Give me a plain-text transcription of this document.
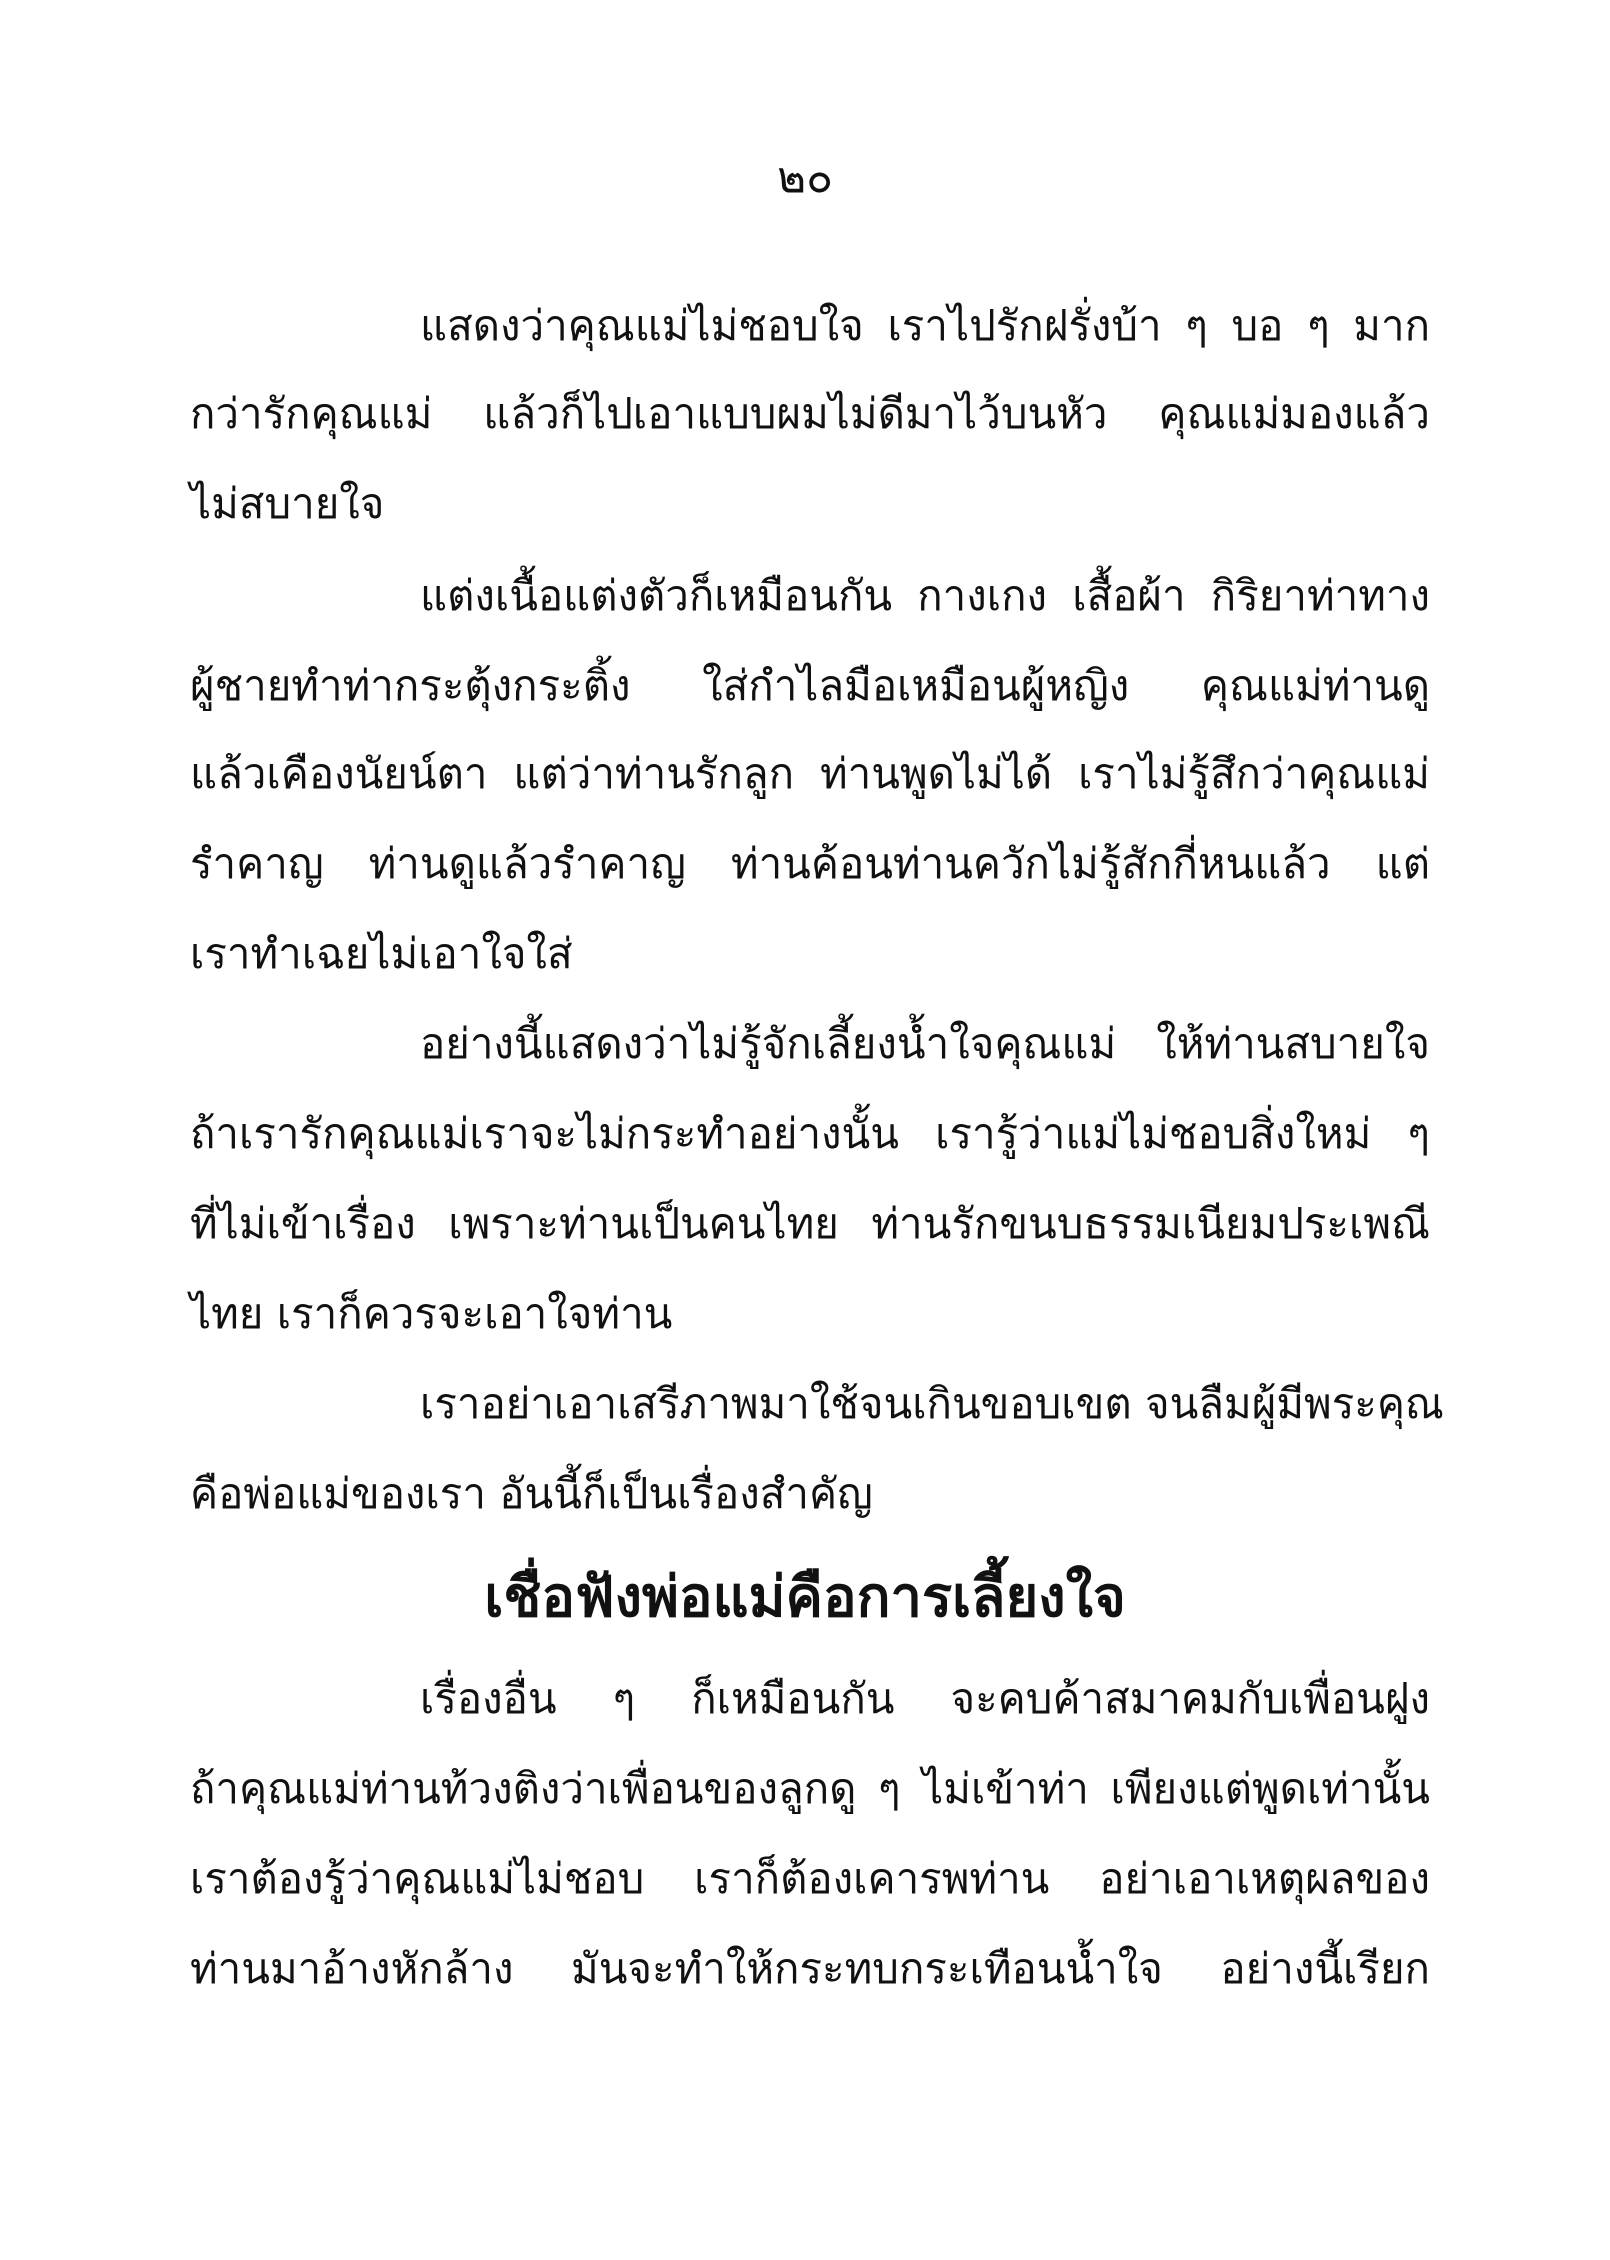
๒๐
แสดงว่าคุณแม่ไม่ชอบใจ เราไปรักฝรั่งบ้า ๆ บอ ๆ มาก
กว่ารักคุณแม่ แล้วก็ไปเอาแบบผมไม่ดีมาไว้บนหัว คุณแม่มองแล้ว
ไม่สบายใจ
แต่งเนื้อแต่งตัวก็เหมือนกัน กางเกง เสื้อผ้า กิริยาท่าทาง
ผู้ชายทำท่ากระตุ้งกระติ้ง ใส่กำไลมือเหมือนผู้หญิง คุณแม่ท่านดู
แล้วเคืองนัยน์ตา แต่ว่าท่านรักลูก ท่านพูดไม่ได้ เราไม่รู้สึกว่าคุณแม่
รำคาญ ท่านดูแล้วรำคาญ ท่านค้อนท่านควักไม่รู้สักกี่หนแล้ว แต่
เราทำเฉยไม่เอาใจใส่
อย่างนี้แสดงว่าไม่รู้จักเลี้ยงน้ำใจคุณแม่ ให้ท่านสบายใจ
ถ้าเรารักคุณแม่เราจะไม่กระทำอย่างนั้น เรารู้ว่าแม่ไม่ชอบสิ่งใหม่ ๆ
ที่ไม่เข้าเรื่อง เพราะท่านเป็นคนไทย ท่านรักขนบธรรมเนียมประเพณี
ไทย เราก็ควรจะเอาใจท่าน
เราอย่าเอาเสรีภาพมาใช้จนเกินขอบเขต จนลืมผู้มีพระคุณ
คือพ่อแม่ของเรา อันนี้ก็เป็นเรื่องสำคัญ
เชื่อฟังพ่อแม่คือการเลี้ยงใจ
เรื่องอื่น ๆ ก็เหมือนกัน จะคบค้าสมาคมกับเพื่อนฝูง
ถ้าคุณแม่ท่านท้วงติงว่าเพื่อนของลูกดู ๆ ไม่เข้าท่า เพียงแต่พูดเท่านั้น
เราต้องรู้ว่าคุณแม่ไม่ชอบ เราก็ต้องเคารพท่าน อย่าเอาเหตุผลของ
ท่านมาอ้างหักล้าง มันจะทำให้กระทบกระเทือนน้ำใจ อย่างนี้เรียก
